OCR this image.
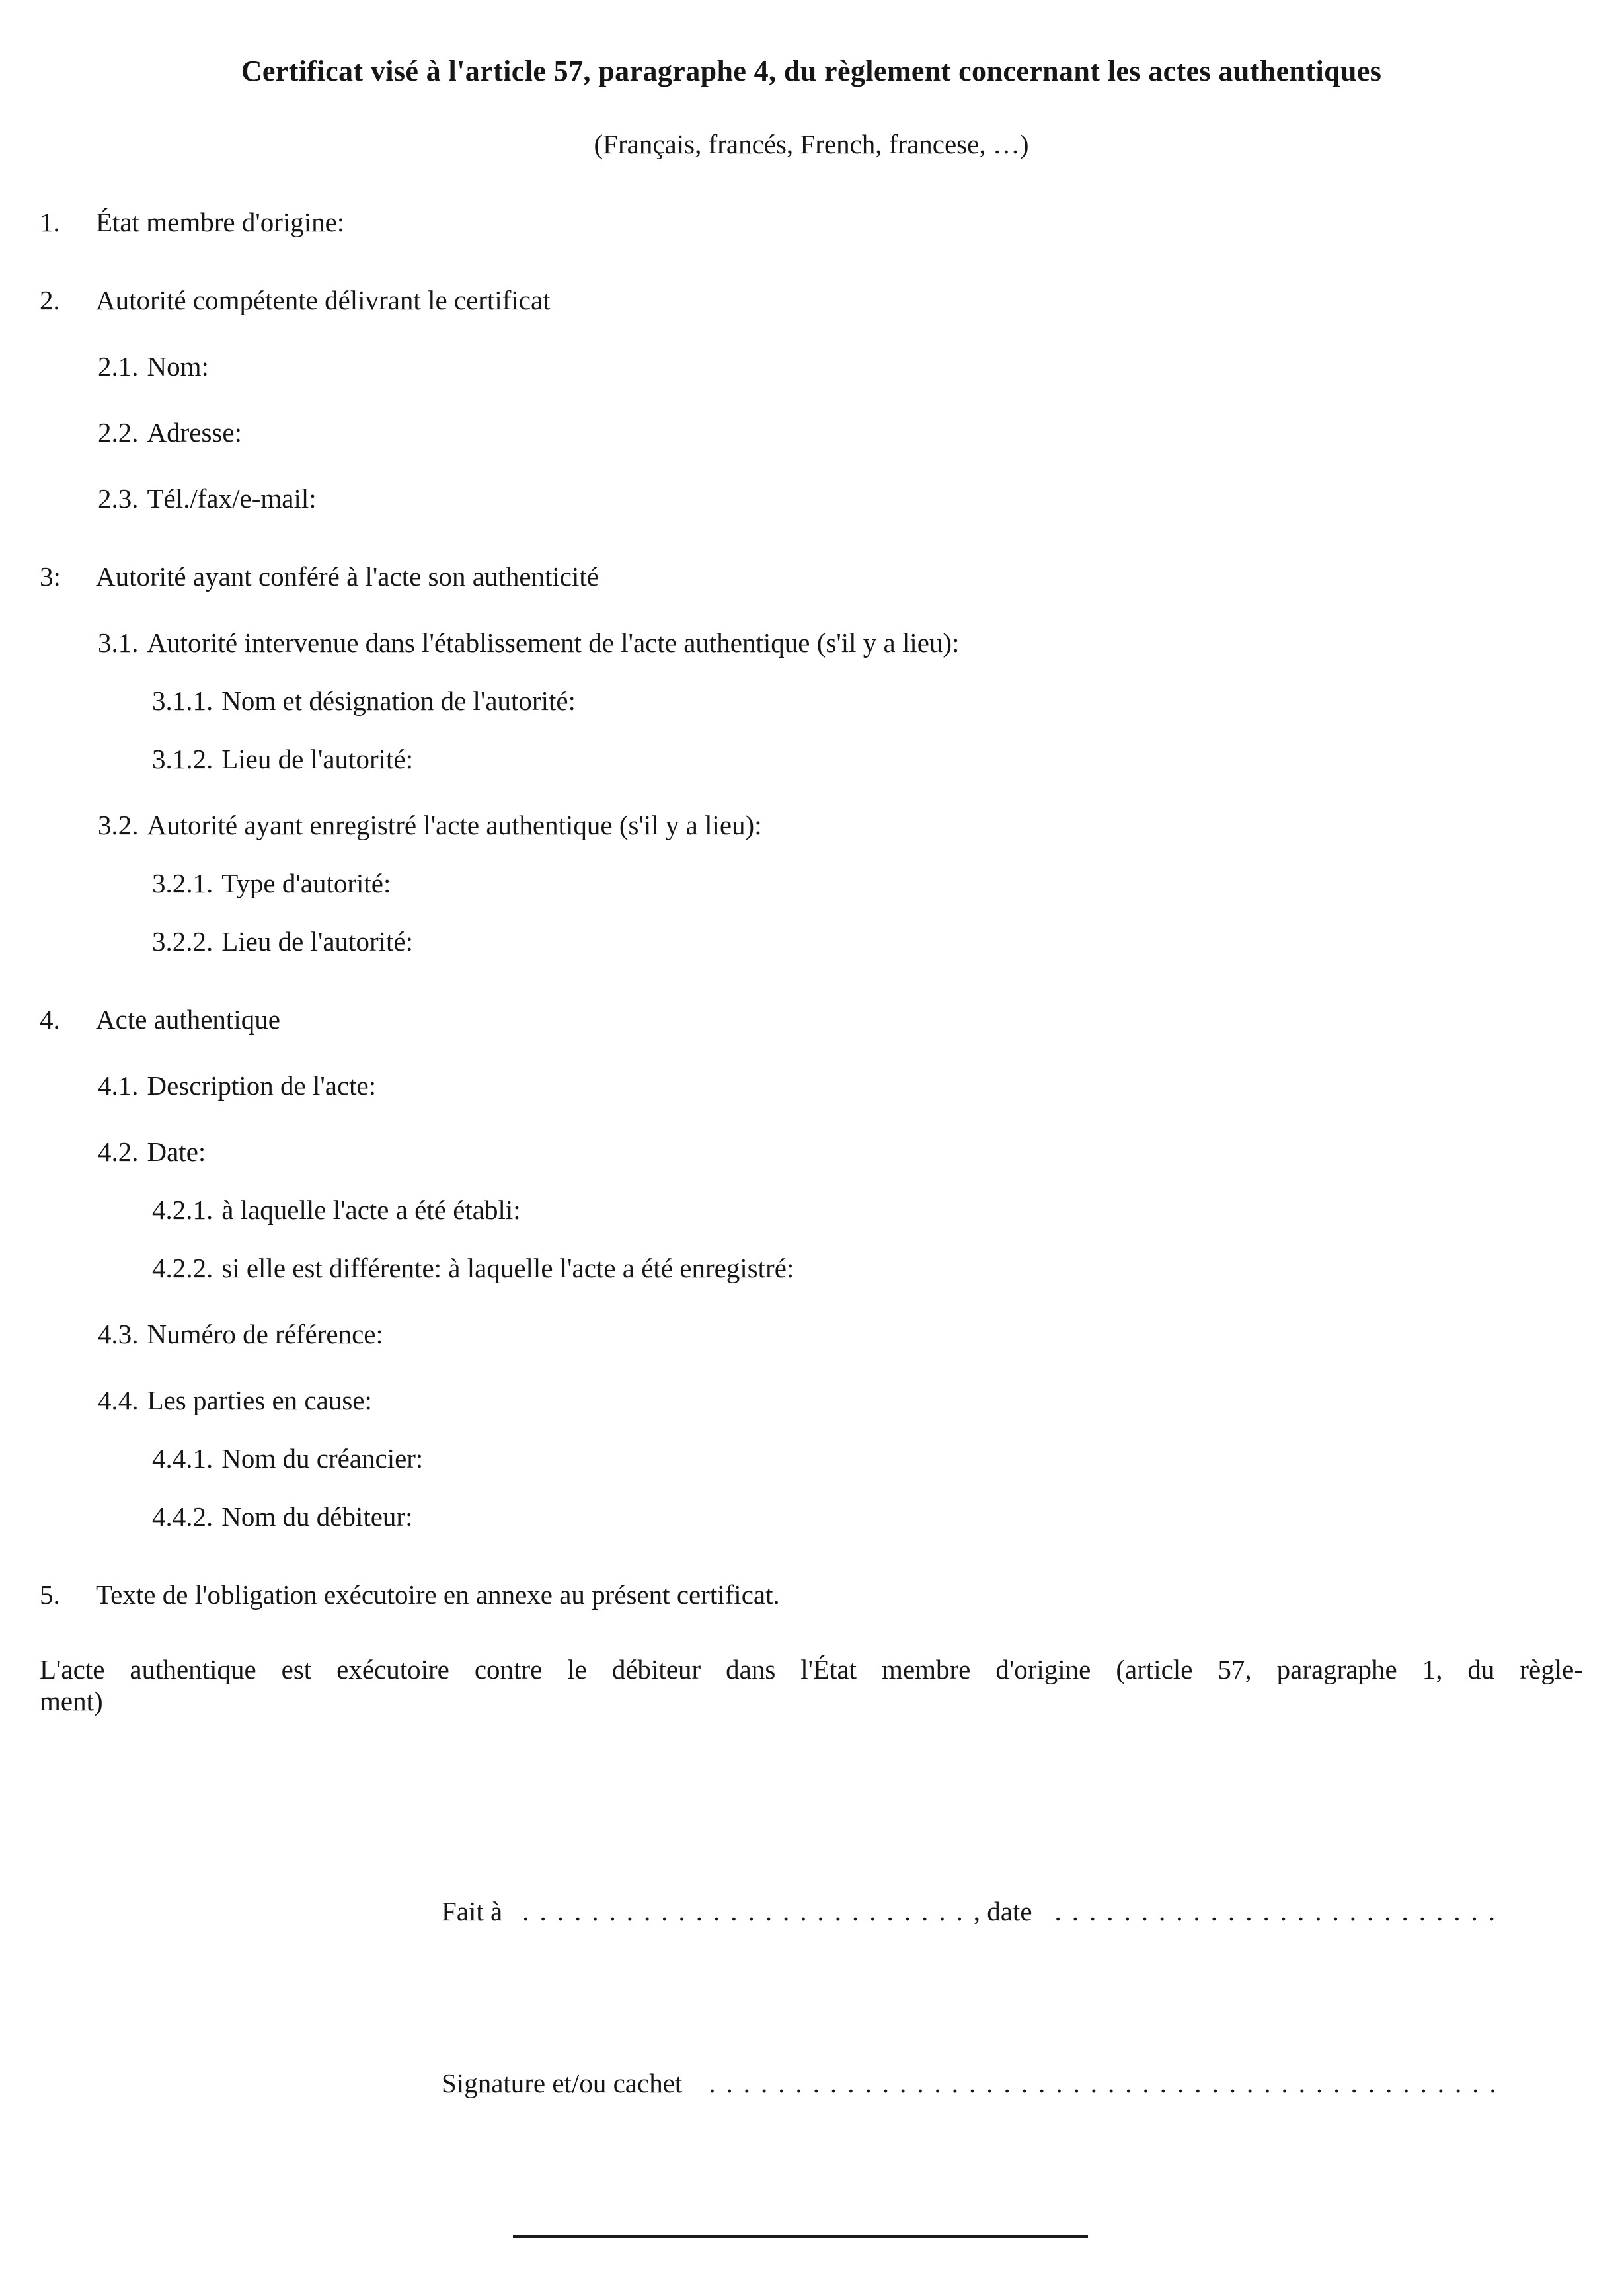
Certificat visé à l'article 57, paragraphe 4, du règlement concernant les actes authentiques
(Français, francés, French, francese, …)
1. État membre d'origine:
2. Autorité compétente délivrant le certificat
2.1. Nom:
2.2. Adresse:
2.3. Tél./fax/e-mail:
3: Autorité ayant conféré à l'acte son authenticité
3.1. Autorité intervenue dans l'établissement de l'acte authentique (s'il y a lieu):
3.1.1. Nom et désignation de l'autorité:
3.1.2. Lieu de l'autorité:
3.2. Autorité ayant enregistré l'acte authentique (s'il y a lieu):
3.2.1. Type d'autorité:
3.2.2. Lieu de l'autorité:
4. Acte authentique
4.1. Description de l'acte:
4.2. Date:
4.2.1. à laquelle l'acte a été établi:
4.2.2. si elle est différente: à laquelle l'acte a été enregistré:
4.3. Numéro de référence:
4.4. Les parties en cause:
4.4.1. Nom du créancier:
4.4.2. Nom du débiteur:
5. Texte de l'obligation exécutoire en annexe au présent certificat.
L'acte authentique est exécutoire contre le débiteur dans l'État membre d'origine (article 57, paragraphe 1, du règle-
ment)
Fait à .........................., date ..........................
Signature et/ou cachet ..............................................
